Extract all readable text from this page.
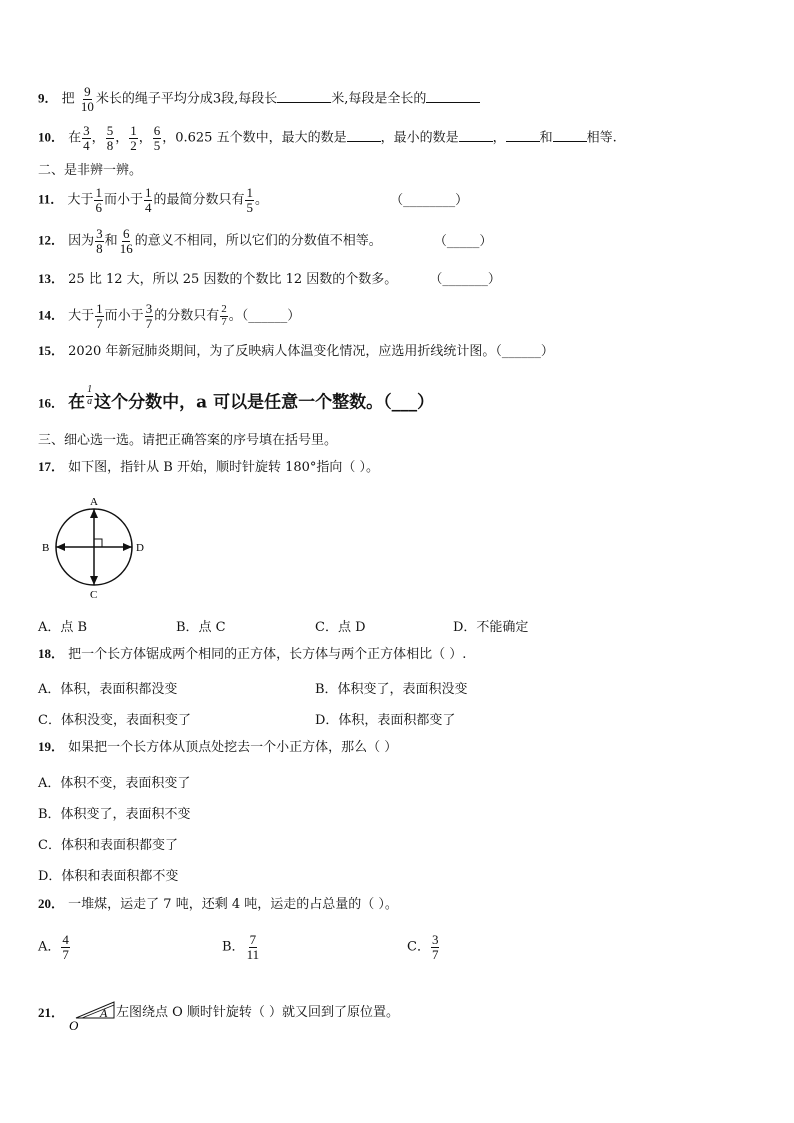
9． 把 $\frac{9}{10}$ 米长的绳子平均分成3段,每段长	米,每段是全长的
10． 在 $\frac{3}{4}$ ， $\frac{5}{8}$ ， $\frac{1}{2}$ ， $\frac{6}{5}$ ，0.625 五个数中，最大的数是	，最小的数是	，	和	相等.
二、是非辨一辨。
11． 大于 $\frac{1}{6}$ 而小于 $\frac{1}{4}$ 的最简分数只有 $\frac{1}{5}$ 。	（________）
12． 因为 $\frac{3}{8}$ 和 $\frac{6}{16}$ 的意义不相同，所以它们的分数值不相等。	（_____）
13． 25 比 12 大，所以 25 因数的个数比 12 因数的个数多。 （_______）
14． 大于 $\frac{1}{7}$ 而小于 $\frac{3}{7}$ 的分数只有 $\frac{2}{7}$ 。（______）
15． 2020 年新冠肺炎期间，为了反映病人体温变化情况，应选用折线统计图。（______）
16． 在 $\frac{1}{a}$ 这个分数中，a 可以是任意一个整数。（___）
三、细心选一选。请把正确答案的序号填在括号里。
17． 如下图，指针从 B 开始，顺时针旋转 180°指向（ ）。
A
C
B	D
A．点 B	B．点 C	C．点 D	D．不能确定
18． 把一个长方体锯成两个相同的正方体，长方体与两个正方体相比（ ）.
A．体积，表面积都没变	B．体积变了，表面积没变
C．体积没变，表面积变了	D．体积，表面积都变了
19． 如果把一个长方体从顶点处挖去一个小正方体，那么（ ）
A．体积不变，表面积变了
B．体积变了，表面积不变
C．体积和表面积都变了
D．体积和表面积都不变
20． 一堆煤，运走了 7 吨，还剩 4 吨，运走的占总量的（ ）。
A． $\frac{4}{7}$	B． $\frac{7}{11}$	C． $\frac{3}{7}$
21．	A
O
左图绕点 O 顺时针旋转（ ）就又回到了原位置。
